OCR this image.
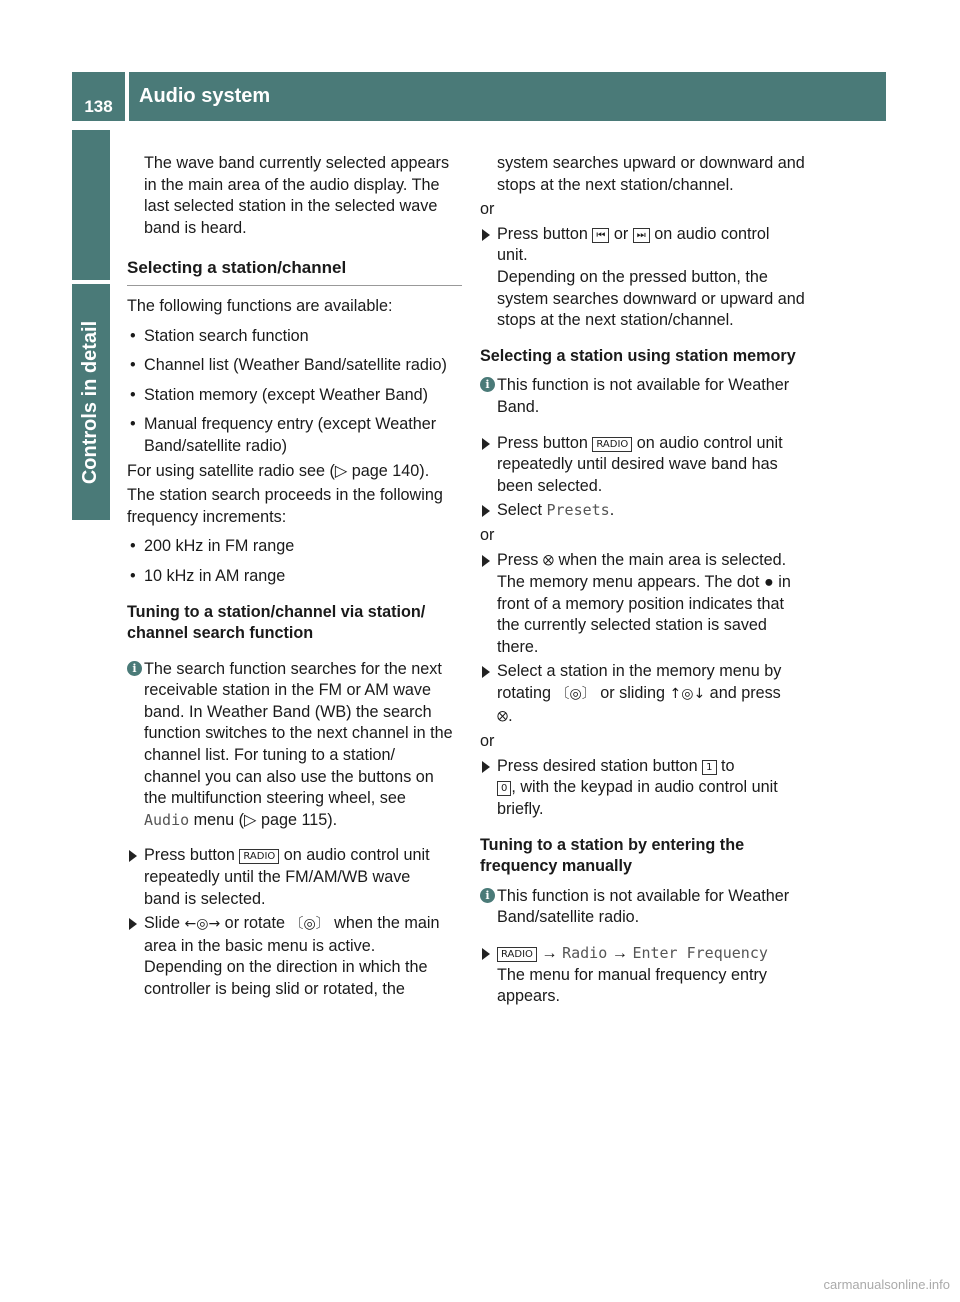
138 Audio system
Controls in detail

The wave band currently selected appears

in the main area of the audio display. The

last selected station in the selected wave

band is heard.

Selecting a station/channel

The following functions are available:

• Station search function

• Channel list (Weather Band/satellite radio)

• Station memory (except Weather Band)

• Manual frequency entry (except Weather

Band/satellite radio)

For using satellite radio see (▷ page 140).

The station search proceeds in the following

frequency increments:

• 200 kHz in FM range

• 10 kHz in AM range

Tuning to a station/channel via station/

channel search function

i The search function searches for the next

receivable station in the FM or AM wave

band. In Weather Band (WB) the search

function switches to the next channel in the

channel list. For tuning to a station/

channel you can also use the buttons on

the multifunction steering wheel, see

Audio menu (▷ page 115).

Press button RADIO on audio control unit

repeatedly until the FM/AM/WB wave

band is selected.

Slide ←◎→ or rotate 〔◎〕 when the main

area in the basic menu is active.

Depending on the direction in which the

controller is being slid or rotated, the

system searches upward or downward and

stops at the next station/channel.

or

Press button ⏮ or ⏭ on audio control

unit.

Depending on the pressed button, the

system searches downward or upward and

stops at the next station/channel.

Selecting a station using station memory

i This function is not available for Weather

Band.

Press button RADIO on audio control unit

repeatedly until desired wave band has

been selected.

Select Presets.

or

Press ⭙ when the main area is selected.

The memory menu appears. The dot ● in

front of a memory position indicates that

the currently selected station is saved

there.

Select a station in the memory menu by

rotating 〔◎〕 or sliding ↑◎↓ and press

⭙.

or

Press desired station button 1 to

0 , with the keypad in audio control unit

briefly.

Tuning to a station by entering the

frequency manually

i This function is not available for Weather

Band/satellite radio.

RADIO → Radio → Enter Frequency

The menu for manual frequency entry

appears.

carmanualsonline.info
